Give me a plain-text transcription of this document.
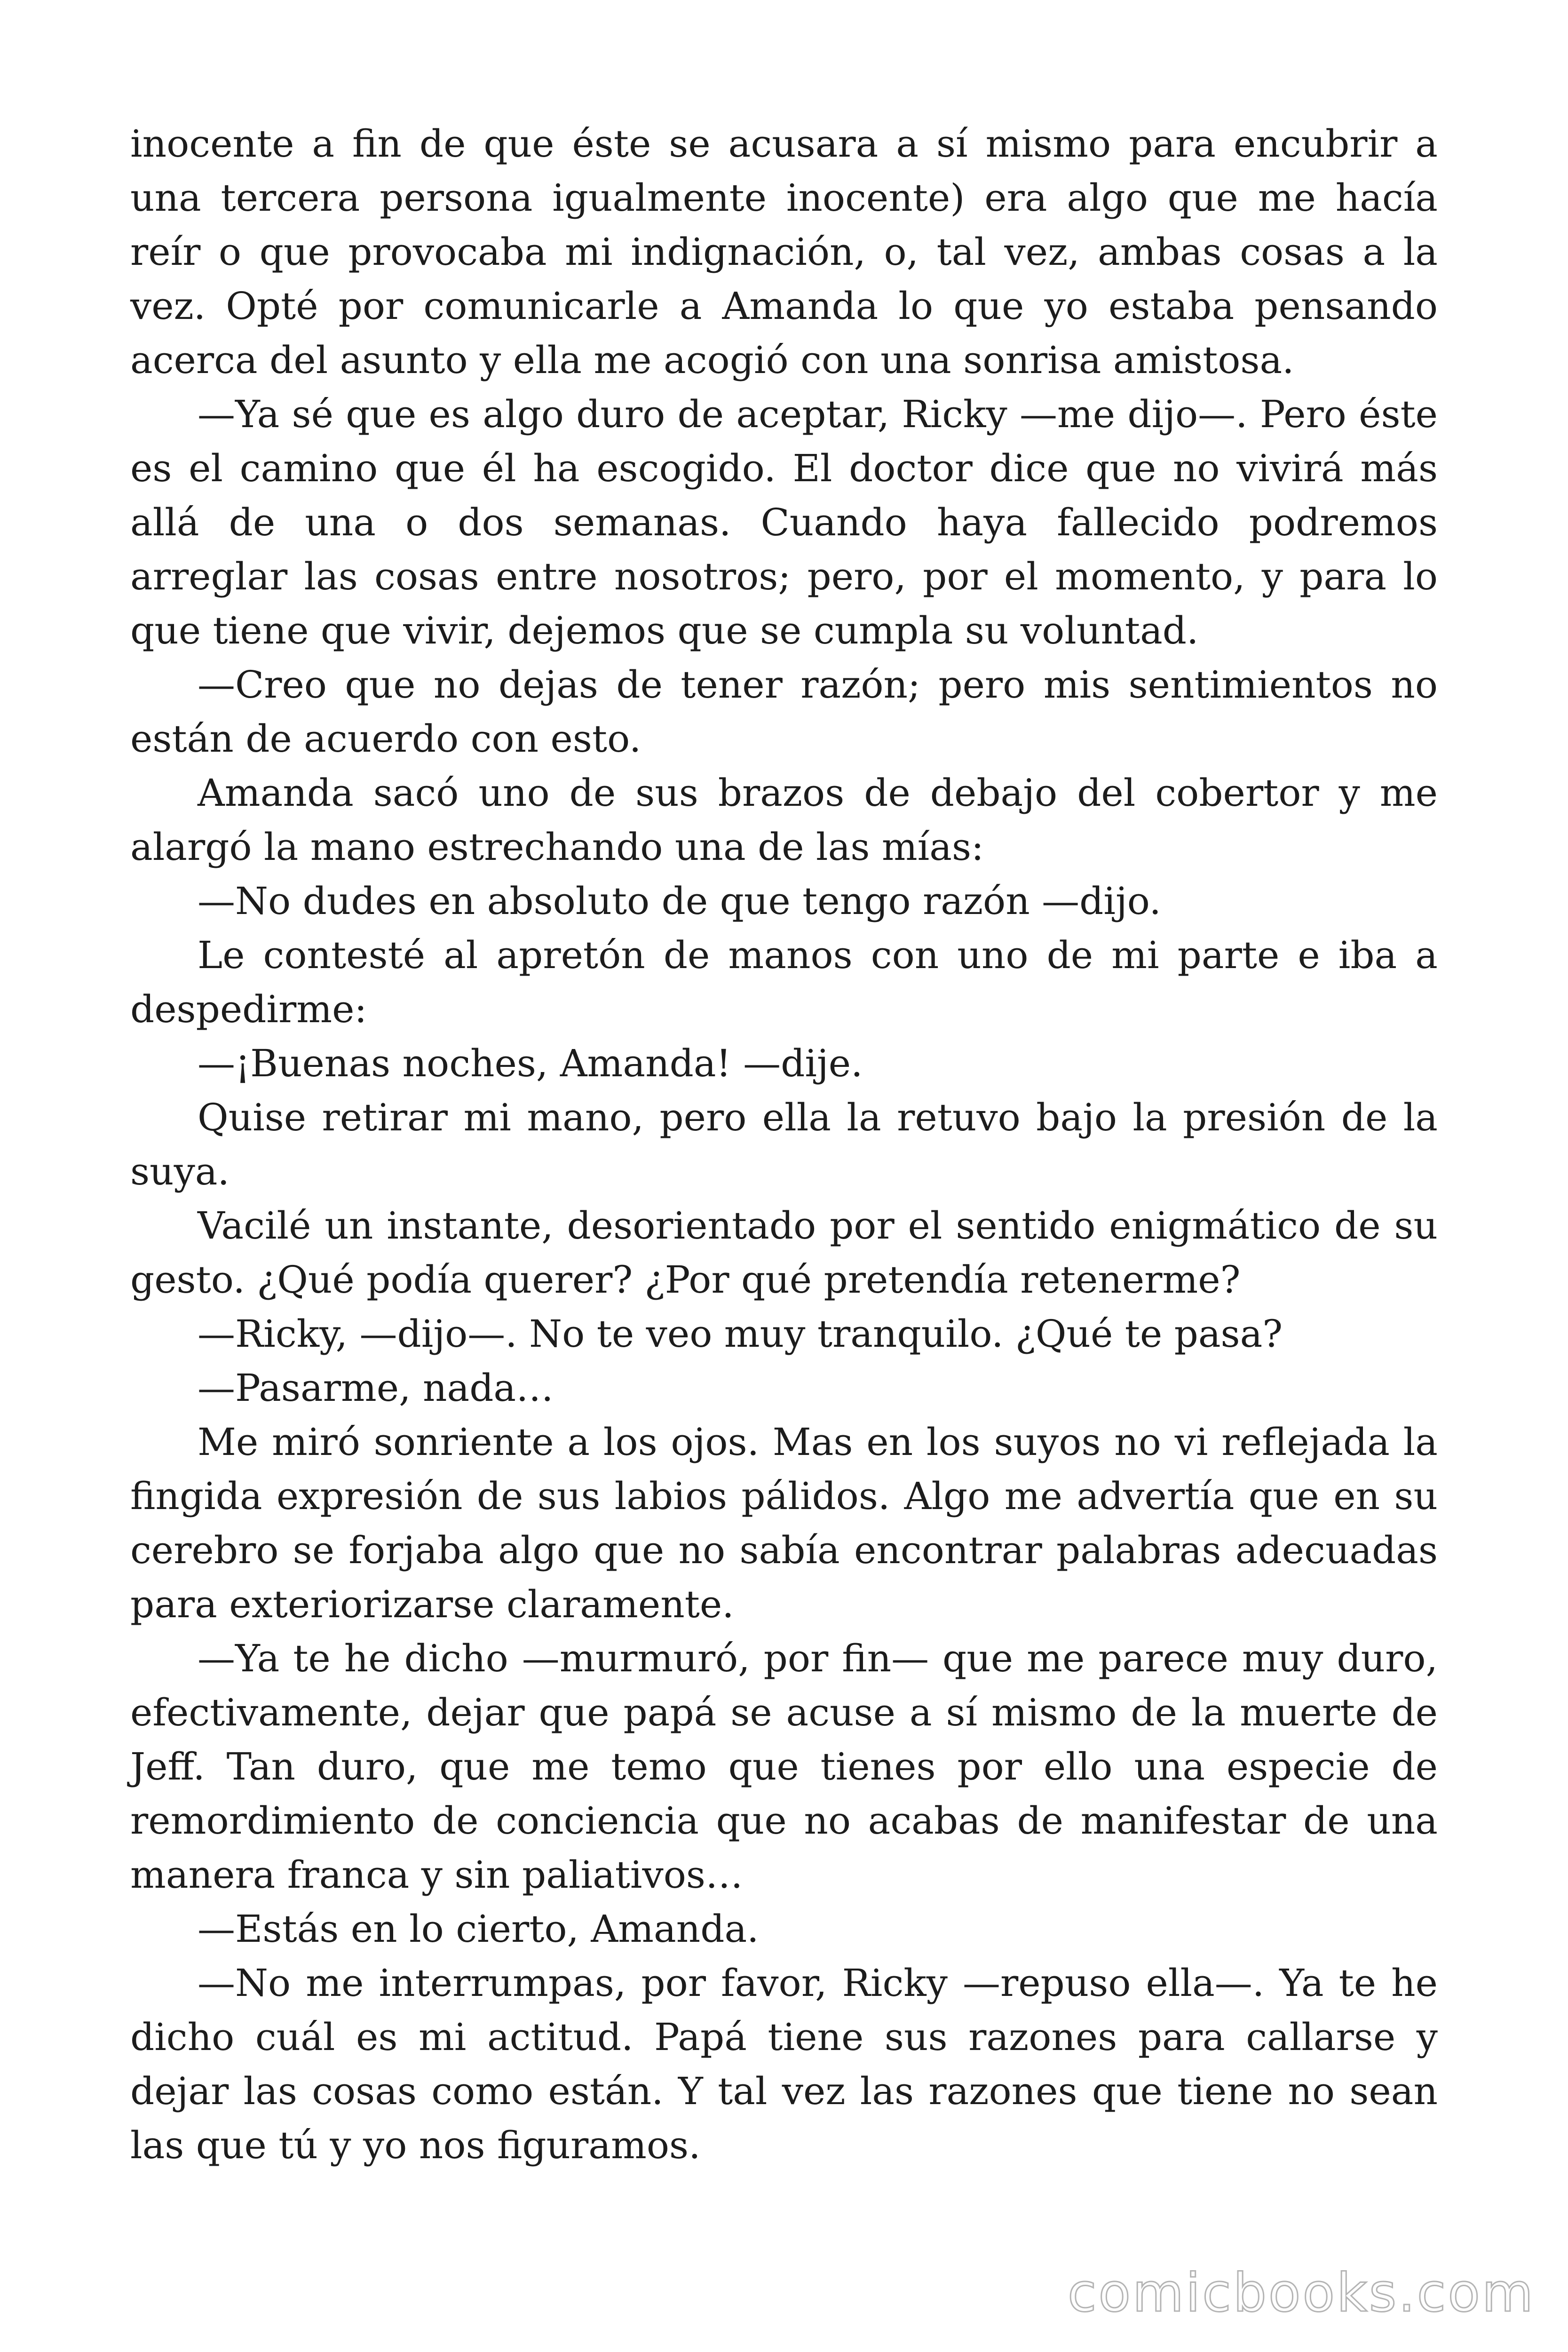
inocente a fin de que éste se acusara a sí mismo para encubrir a una tercera persona igualmente inocente) era algo que me hacía reír o que provocaba mi indignación, o, tal vez, ambas cosas a la vez. Opté por comunicarle a Amanda lo que yo estaba pensando acerca del asunto y ella me acogió con una sonrisa amistosa.

—Ya sé que es algo duro de aceptar, Ricky —me dijo—. Pero éste es el camino que él ha escogido. El doctor dice que no vivirá más allá de una o dos semanas. Cuando haya fallecido podremos arreglar las cosas entre nosotros; pero, por el momento, y para lo que tiene que vivir, dejemos que se cumpla su voluntad.

—Creo que no dejas de tener razón; pero mis sentimientos no están de acuerdo con esto.

Amanda sacó uno de sus brazos de debajo del cobertor y me alargó la mano estrechando una de las mías:

—No dudes en absoluto de que tengo razón —dijo.

Le contesté al apretón de manos con uno de mi parte e iba a despedirme:

—¡Buenas noches, Amanda! —dije.

Quise retirar mi mano, pero ella la retuvo bajo la presión de la suya.

Vacilé un instante, desorientado por el sentido enigmático de su gesto. ¿Qué podía querer? ¿Por qué pretendía retenerme?

—Ricky, —dijo—. No te veo muy tranquilo. ¿Qué te pasa?

—Pasarme, nada…

Me miró sonriente a los ojos. Mas en los suyos no vi reflejada la fingida expresión de sus labios pálidos. Algo me advertía que en su cerebro se forjaba algo que no sabía encontrar palabras adecuadas para exteriorizarse claramente.

—Ya te he dicho —murmuró, por fin— que me parece muy duro, efectivamente, dejar que papá se acuse a sí mismo de la muerte de Jeff. Tan duro, que me temo que tienes por ello una especie de remordimiento de conciencia que no acabas de manifestar de una manera franca y sin paliativos…

—Estás en lo cierto, Amanda.

—No me interrumpas, por favor, Ricky —repuso ella—. Ya te he dicho cuál es mi actitud. Papá tiene sus razones para callarse y dejar las cosas como están. Y tal vez las razones que tiene no sean las que tú y yo nos figuramos.

comicbooks.com
